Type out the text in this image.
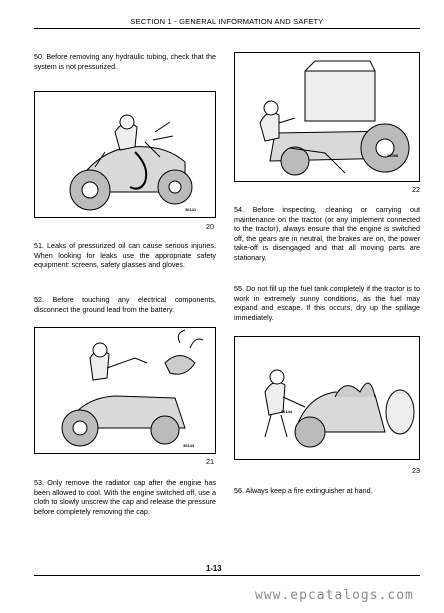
SECTION 1 - GENERAL INFORMATION AND SAFETY

50. Before removing any hydraulic tubing, check that the system is not pressurized.

36141
20

51. Leaks of pressurized oil can cause serious injuries. When looking for leaks use the appropriate safety equipment: screens, safety glasses and gloves.

52. Before touching any electrical components, disconnect the ground lead from the battery.

36143
21

53. Only remove the radiator cap after the engine has been allowed to cool. With the engine switched off, use a cloth to slowly unscrew the cap and release the pressure before completely removing the cap.

36098
22

54. Before inspecting, cleaning or carrying out maintenance on the tractor (or any implement connected to the tractor), always ensure that the engine is switched off, the gears are in neutral, the brakes are on, the power take-off is disengaged and that all moving parts are stationary.

55. Do not fill up the fuel tank completely if the tractor is to work in extremely sunny conditions, as the fuel may expand and escape. If this occurs, dry up the spillage immediately.

36144
23

56. Always keep a fire extinguisher at hand.

1-13
www.epcatalogs.com
